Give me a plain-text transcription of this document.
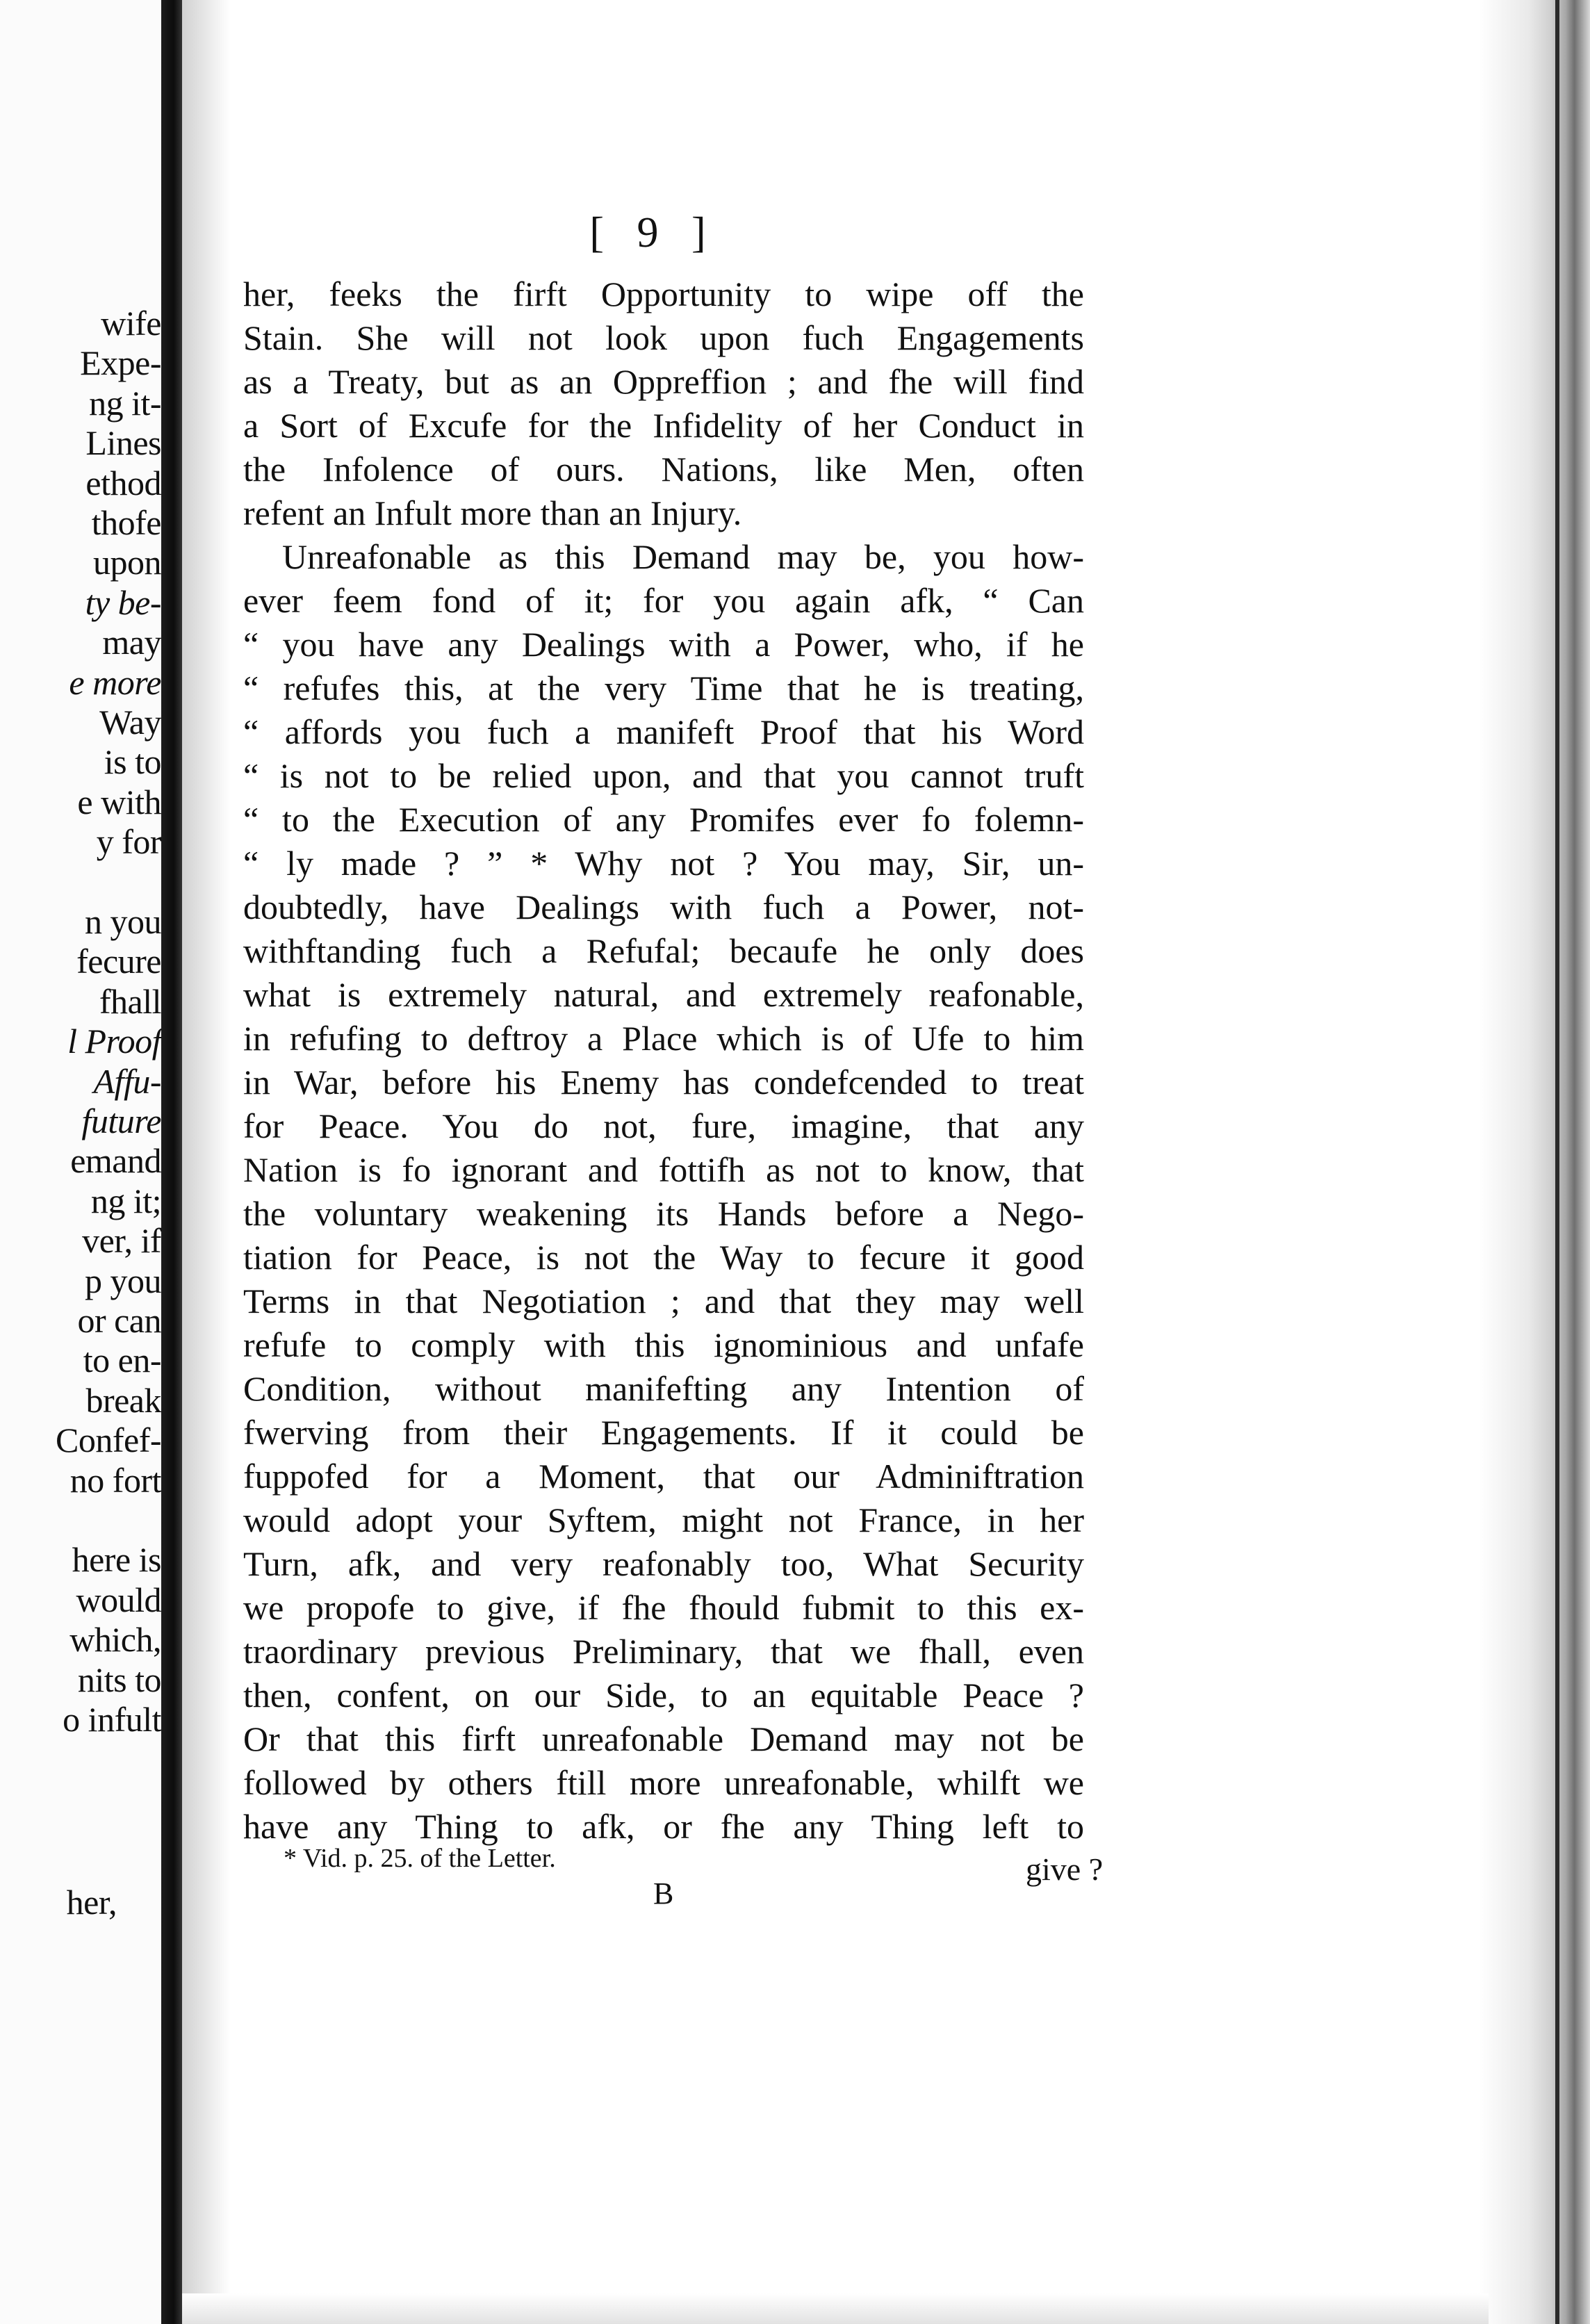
wife
Expe-
ng it-
Lines
ethod
thofe
upon
ty be-
may
e more
Way
is to
e with
y for
n you
fecure
fhall
l Proof
Affu-
future
emand
ng it;
ver, if
p you
or can
to en-
break
Confef-
no fort
here is
would
which,
nits to
o infult
her,
[ 9 ]
her, feeks the firft Opportunity to wipe off the
Stain. She will not look upon fuch Engagements
as a Treaty, but as an Oppreffion ; and fhe will find
a Sort of Excufe for the Infidelity of her Conduct in
the Infolence of ours. Nations, like Men, often
refent an Infult more than an Injury.
Unreafonable as this Demand may be, you how-
ever feem fond of it; for you again afk, “ Can
“ you have any Dealings with a Power, who, if he
“ refufes this, at the very Time that he is treating,
“ affords you fuch a manifeft Proof that his Word
“ is not to be relied upon, and that you cannot truft
“ to the Execution of any Promifes ever fo folemn-
“ ly made ? ” * Why not ? You may, Sir, un-
doubtedly, have Dealings with fuch a Power, not-
withftanding fuch a Refufal; becaufe he only does
what is extremely natural, and extremely reafonable,
in refufing to deftroy a Place which is of Ufe to him
in War, before his Enemy has condefcended to treat
for Peace. You do not, fure, imagine, that any
Nation is fo ignorant and fottifh as not to know, that
the voluntary weakening its Hands before a Nego-
tiation for Peace, is not the Way to fecure it good
Terms in that Negotiation ; and that they may well
refufe to comply with this ignominious and unfafe
Condition, without manifefting any Intention of
fwerving from their Engagements. If it could be
fuppofed for a Moment, that our Adminiftration
would adopt your Syftem, might not France, in her
Turn, afk, and very reafonably too, What Security
we propofe to give, if fhe fhould fubmit to this ex-
traordinary previous Preliminary, that we fhall, even
then, confent, on our Side, to an equitable Peace ?
Or that this firft unreafonable Demand may not be
followed by others ftill more unreafonable, whilft we
have any Thing to afk, or fhe any Thing left to
* Vid. p. 25. of the Letter.
B
give ?
